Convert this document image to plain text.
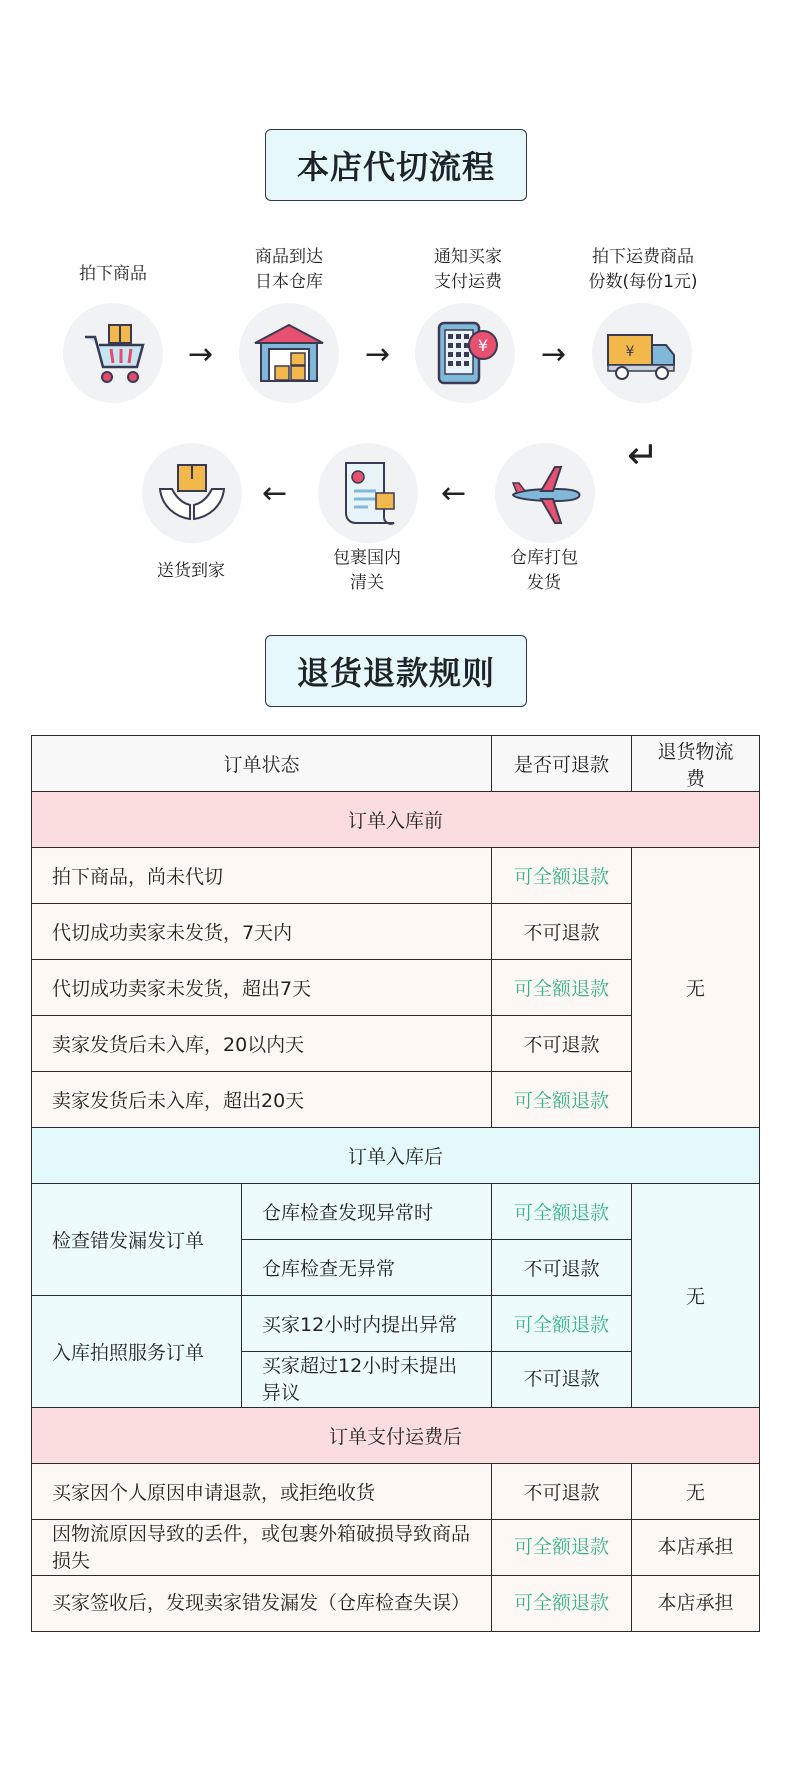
本店代切流程
拍下商品
商品到达
日本仓库
通知买家
支付运费
拍下运费商品
份数(每份1元)
→	→	¥ →	¥
↵
←	←
送货到家
包裹国内
清关
仓库打包
发货
退货退款规则
订单状态		是否可退款	退货物流费
订单入库前			
拍下商品，尚未代切		可全额退款	无
代切成功卖家未发货，7天内		不可退款	
代切成功卖家未发货，超出7天		可全额退款	
卖家发货后未入库，20以内天		不可退款	
卖家发货后未入库，超出20天		可全额退款	
订单入库后			
检查错发漏发订单	仓库检查发现异常时	可全额退款	无
	仓库检查无异常	不可退款	
入库拍照服务订单	买家12小时内提出异常	可全额退款	
	买家超过12小时未提出异议	不可退款	
订单支付运费后			
买家因个人原因申请退款，或拒绝收货		不可退款	无
因物流原因导致的丢件，或包裹外箱破损导致商品损失		可全额退款	本店承担
买家签收后，发现卖家错发漏发（仓库检查失误）		可全额退款	本店承担
